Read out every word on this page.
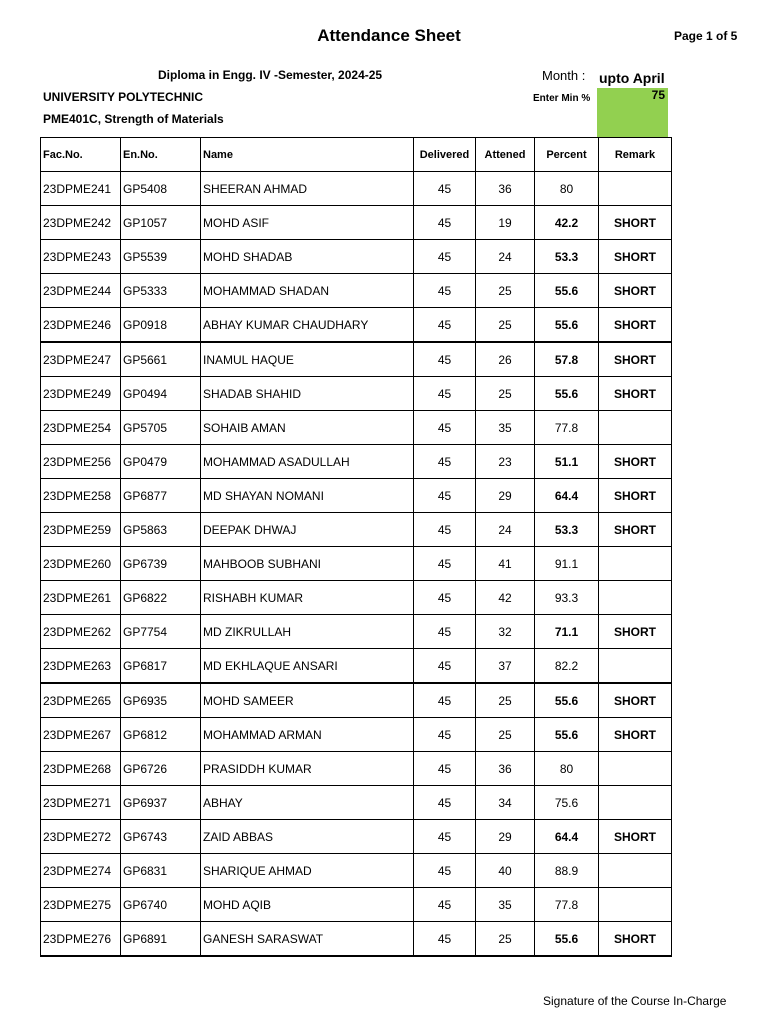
Attendance Sheet	Page 1 of 5
Diploma in Engg. IV -Semester, 2024-25	Month : upto April
UNIVERSITY POLYTECHNIC	Enter Min %	75
PME401C, Strength of Materials
Fac.No.	En.No.	Name	Delivered	Attened	Percent	Remark
23DPME241	GP5408	SHEERAN AHMAD	45	36	80	
23DPME242	GP1057	MOHD ASIF	45	19	42.2	SHORT
23DPME243	GP5539	MOHD SHADAB	45	24	53.3	SHORT
23DPME244	GP5333	MOHAMMAD SHADAN	45	25	55.6	SHORT
23DPME246	GP0918	ABHAY KUMAR CHAUDHARY	45	25	55.6	SHORT
23DPME247	GP5661	INAMUL HAQUE	45	26	57.8	SHORT
23DPME249	GP0494	SHADAB SHAHID	45	25	55.6	SHORT
23DPME254	GP5705	SOHAIB AMAN	45	35	77.8	
23DPME256	GP0479	MOHAMMAD ASADULLAH	45	23	51.1	SHORT
23DPME258	GP6877	MD SHAYAN NOMANI	45	29	64.4	SHORT
23DPME259	GP5863	DEEPAK DHWAJ	45	24	53.3	SHORT
23DPME260	GP6739	MAHBOOB SUBHANI	45	41	91.1	
23DPME261	GP6822	RISHABH KUMAR	45	42	93.3	
23DPME262	GP7754	MD ZIKRULLAH	45	32	71.1	SHORT
23DPME263	GP6817	MD EKHLAQUE ANSARI	45	37	82.2	
23DPME265	GP6935	MOHD SAMEER	45	25	55.6	SHORT
23DPME267	GP6812	MOHAMMAD ARMAN	45	25	55.6	SHORT
23DPME268	GP6726	PRASIDDH KUMAR	45	36	80	
23DPME271	GP6937	ABHAY	45	34	75.6	
23DPME272	GP6743	ZAID ABBAS	45	29	64.4	SHORT
23DPME274	GP6831	SHARIQUE AHMAD	45	40	88.9	
23DPME275	GP6740	MOHD AQIB	45	35	77.8	
23DPME276	GP6891	GANESH SARASWAT	45	25	55.6	SHORT
Signature of the Course In-Charge
